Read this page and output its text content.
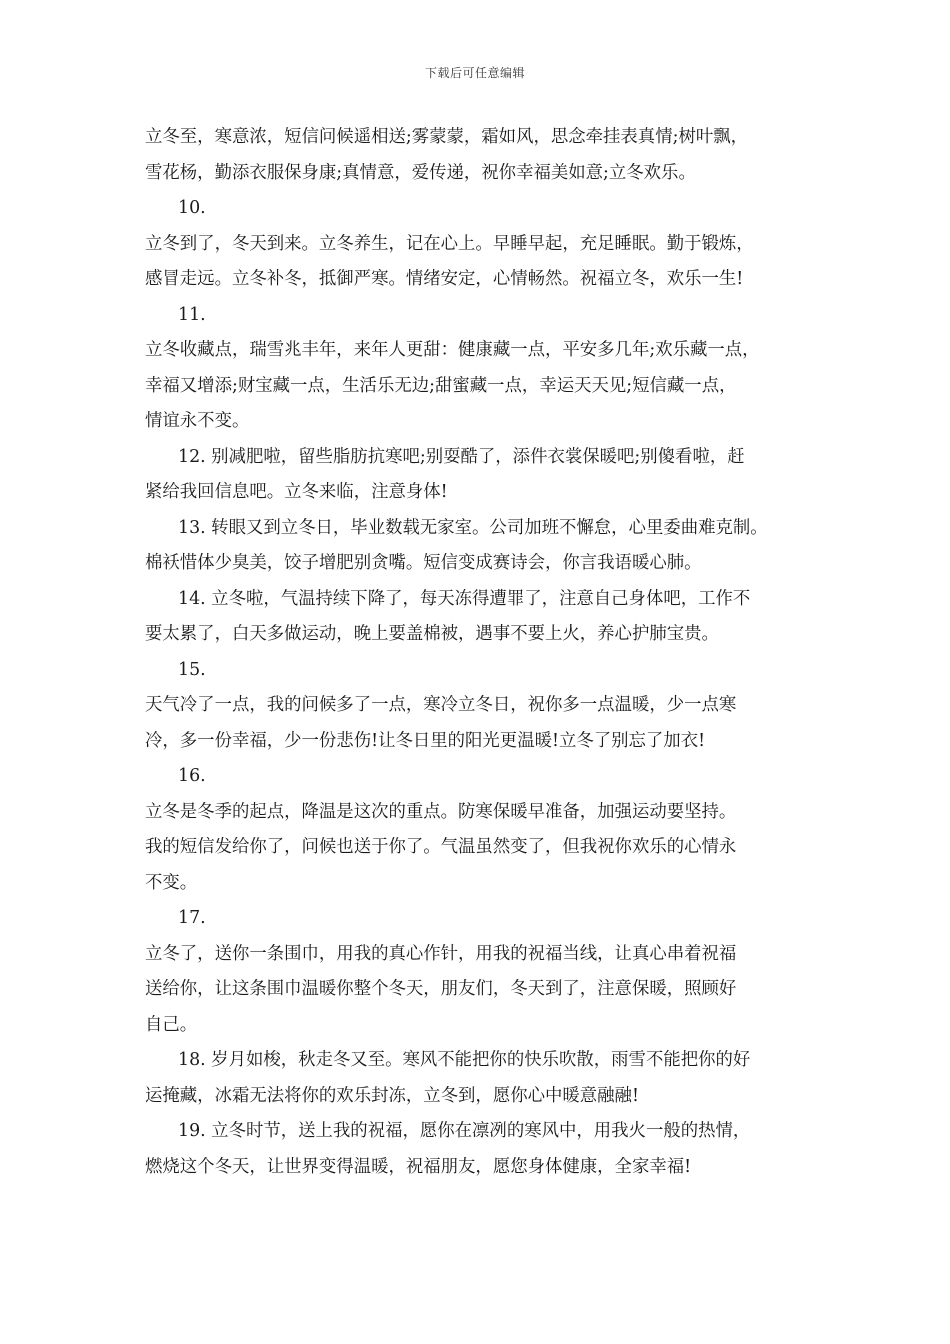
下载后可任意编辑
立冬至，寒意浓，短信问候遥相送;雾蒙蒙，霜如风，思念牵挂表真情;树叶飘，
雪花杨，勤添衣服保身康;真情意，爱传递，祝你幸福美如意;立冬欢乐。
10.
立冬到了，冬天到来。立冬养生，记在心上。早睡早起，充足睡眠。勤于锻炼，
感冒走远。立冬补冬，抵御严寒。情绪安定，心情畅然。祝福立冬，欢乐一生!
11.
立冬收藏点，瑞雪兆丰年，来年人更甜：健康藏一点，平安多几年;欢乐藏一点，
幸福又增添;财宝藏一点，生活乐无边;甜蜜藏一点，幸运天天见;短信藏一点，
情谊永不变。
12. 别减肥啦，留些脂肪抗寒吧;别耍酷了，添件衣裳保暖吧;别傻看啦，赶
紧给我回信息吧。立冬来临，注意身体!
13. 转眼又到立冬日，毕业数载无家室。公司加班不懈怠，心里委曲难克制。
棉袄惜体少臭美，饺子增肥别贪嘴。短信变成赛诗会，你言我语暖心肺。
14. 立冬啦，气温持续下降了，每天冻得遭罪了，注意自己身体吧，工作不
要太累了，白天多做运动，晚上要盖棉被，遇事不要上火，养心护肺宝贵。
15.
天气冷了一点，我的问候多了一点，寒冷立冬日，祝你多一点温暖，少一点寒
冷，多一份幸福，少一份悲伤!让冬日里的阳光更温暖!立冬了别忘了加衣!
16.
立冬是冬季的起点，降温是这次的重点。防寒保暖早准备，加强运动要坚持。
我的短信发给你了，问候也送于你了。气温虽然变了，但我祝你欢乐的心情永
不变。
17.
立冬了，送你一条围巾，用我的真心作针，用我的祝福当线，让真心串着祝福
送给你，让这条围巾温暖你整个冬天，朋友们，冬天到了，注意保暖，照顾好
自己。
18. 岁月如梭，秋走冬又至。寒风不能把你的快乐吹散，雨雪不能把你的好
运掩藏，冰霜无法将你的欢乐封冻，立冬到，愿你心中暖意融融!
19. 立冬时节，送上我的祝福，愿你在凛冽的寒风中，用我火一般的热情，
燃烧这个冬天，让世界变得温暖，祝福朋友，愿您身体健康，全家幸福!
